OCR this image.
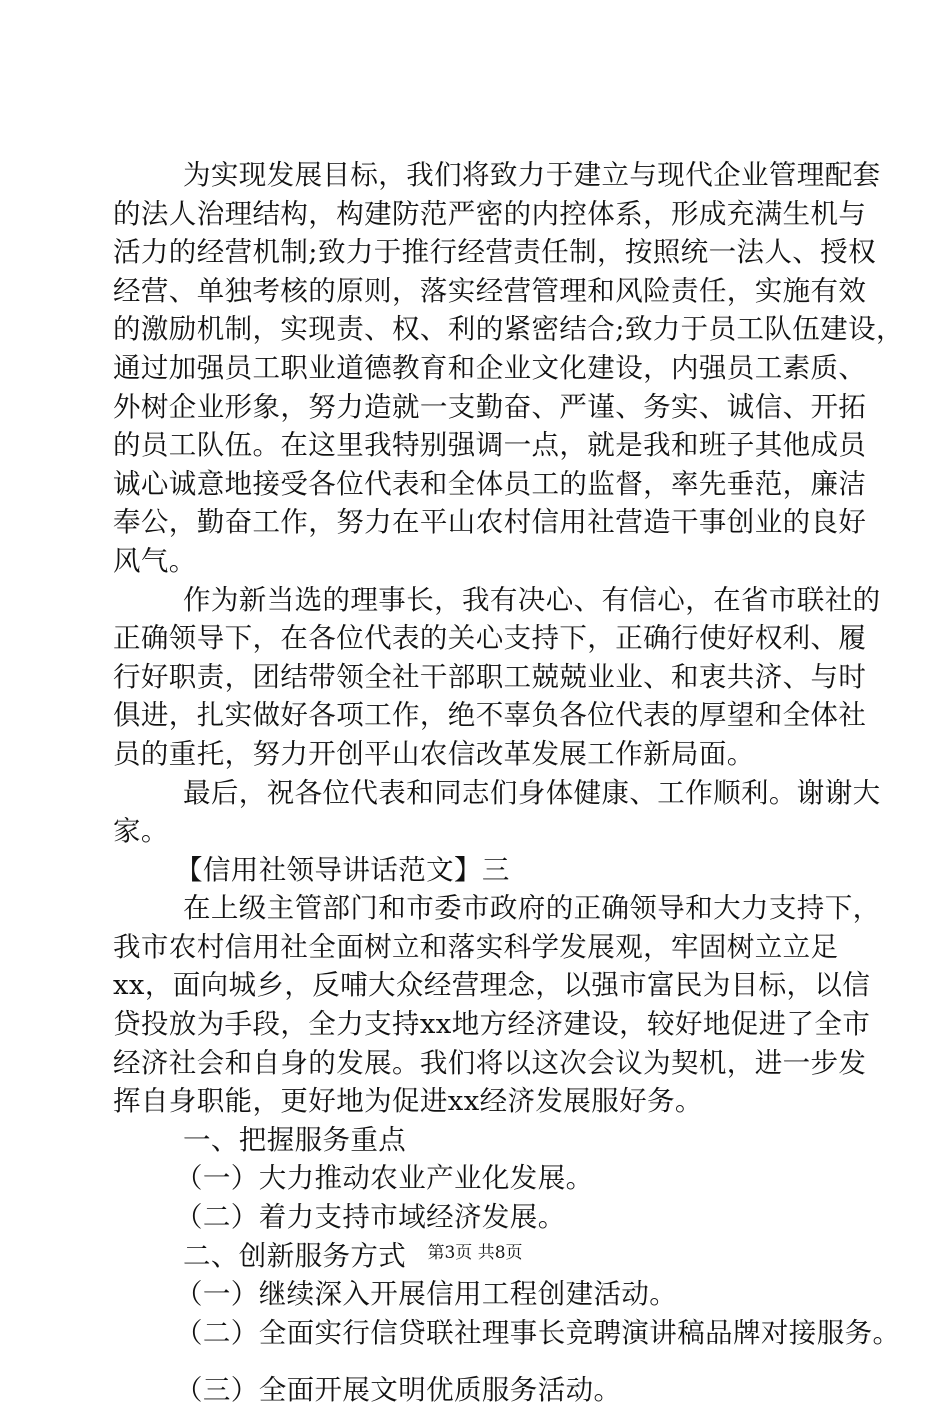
为实现发展目标，我们将致力于建立与现代企业管理配套
的法人治理结构，构建防范严密的内控体系，形成充满生机与
活力的经营机制;致力于推行经营责任制，按照统一法人、授权
经营、单独考核的原则，落实经营管理和风险责任，实施有效
的激励机制，实现责、权、利的紧密结合;致力于员工队伍建设，
通过加强员工职业道德教育和企业文化建设，内强员工素质、
外树企业形象，努力造就一支勤奋、严谨、务实、诚信、开拓
的员工队伍。在这里我特别强调一点，就是我和班子其他成员
诚心诚意地接受各位代表和全体员工的监督，率先垂范，廉洁
奉公，勤奋工作，努力在平山农村信用社营造干事创业的良好
风气。
作为新当选的理事长，我有决心、有信心，在省市联社的
正确领导下，在各位代表的关心支持下，正确行使好权利、履
行好职责，团结带领全社干部职工兢兢业业、和衷共济、与时
俱进，扎实做好各项工作，绝不辜负各位代表的厚望和全体社
员的重托，努力开创平山农信改革发展工作新局面。
最后，祝各位代表和同志们身体健康、工作顺利。谢谢大
家。
【信用社领导讲话范文】三
在上级主管部门和市委市政府的正确领导和大力支持下，
我市农村信用社全面树立和落实科学发展观，牢固树立立足
xx，面向城乡，反哺大众经营理念，以强市富民为目标，以信
贷投放为手段，全力支持xx地方经济建设，较好地促进了全市
经济社会和自身的发展。我们将以这次会议为契机，进一步发
挥自身职能，更好地为促进xx经济发展服好务。
一、把握服务重点
（一）大力推动农业产业化发展。
（二）着力支持市域经济发展。
二、创新服务方式
（一）继续深入开展信用工程创建活动。
（二）全面实行信贷联社理事长竞聘演讲稿品牌对接服务。
（三）全面开展文明优质服务活动。
第3页 共8页
